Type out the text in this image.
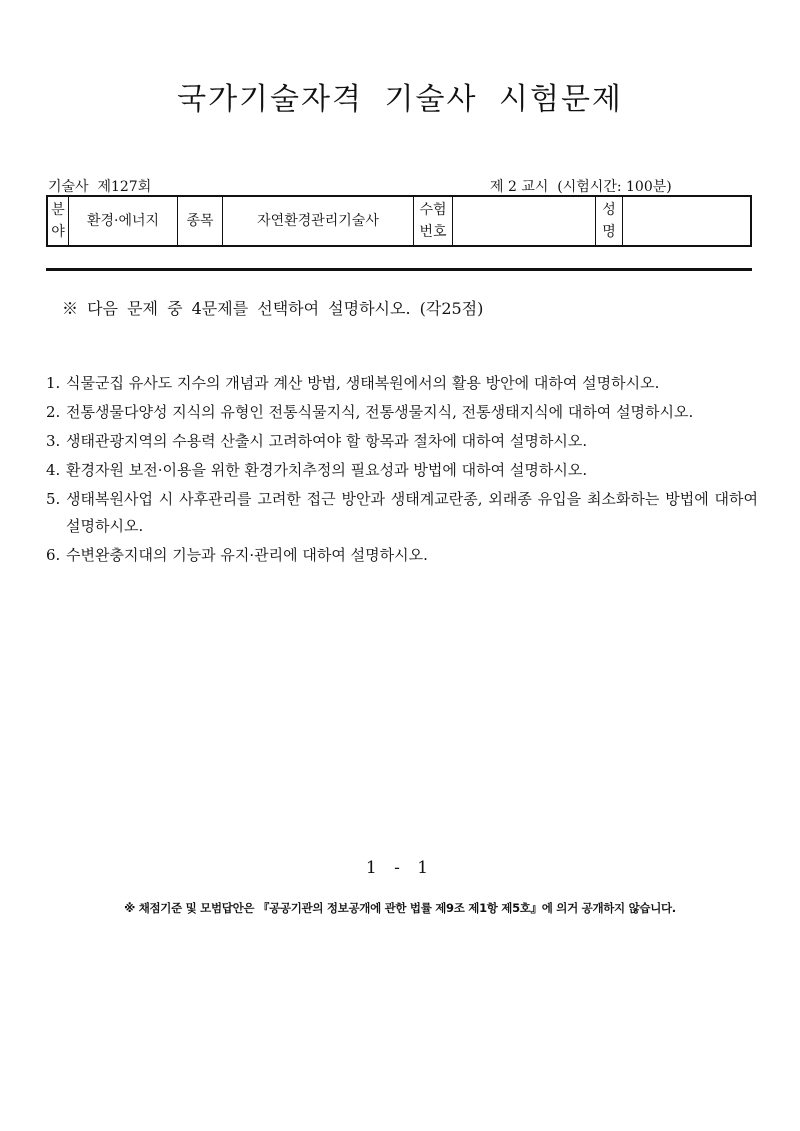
국가기술자격 기술사 시험문제
기술사  제127회	제 2 교시  (시험시간: 100분)
분야	환경·에너지	종목	자연환경관리기술사	수험번호		성명	
※ 다음 문제 중 4문제를 선택하여 설명하시오. (각25점)
1. 식물군집 유사도 지수의 개념과 계산 방법, 생태복원에서의 활용 방안에 대하여 설명하시오.
2. 전통생물다양성 지식의 유형인 전통식물지식, 전통생물지식, 전통생태지식에 대하여 설명하시오.
3. 생태관광지역의 수용력 산출시 고려하여야 할 항목과 절차에 대하여 설명하시오.
4. 환경자원 보전·이용을 위한 환경가치추정의 필요성과 방법에 대하여 설명하시오.
5. 생태복원사업 시 사후관리를 고려한 접근 방안과 생태계교란종, 외래종 유입을 최소화하는 방법에 대하여 설명하시오.
6. 수변완충지대의 기능과 유지·관리에 대하여 설명하시오.
1 - 1
※ 채점기준 및 모범답안은 『공공기관의 정보공개에 관한 법률 제9조 제1항 제5호』에 의거 공개하지 않습니다.
